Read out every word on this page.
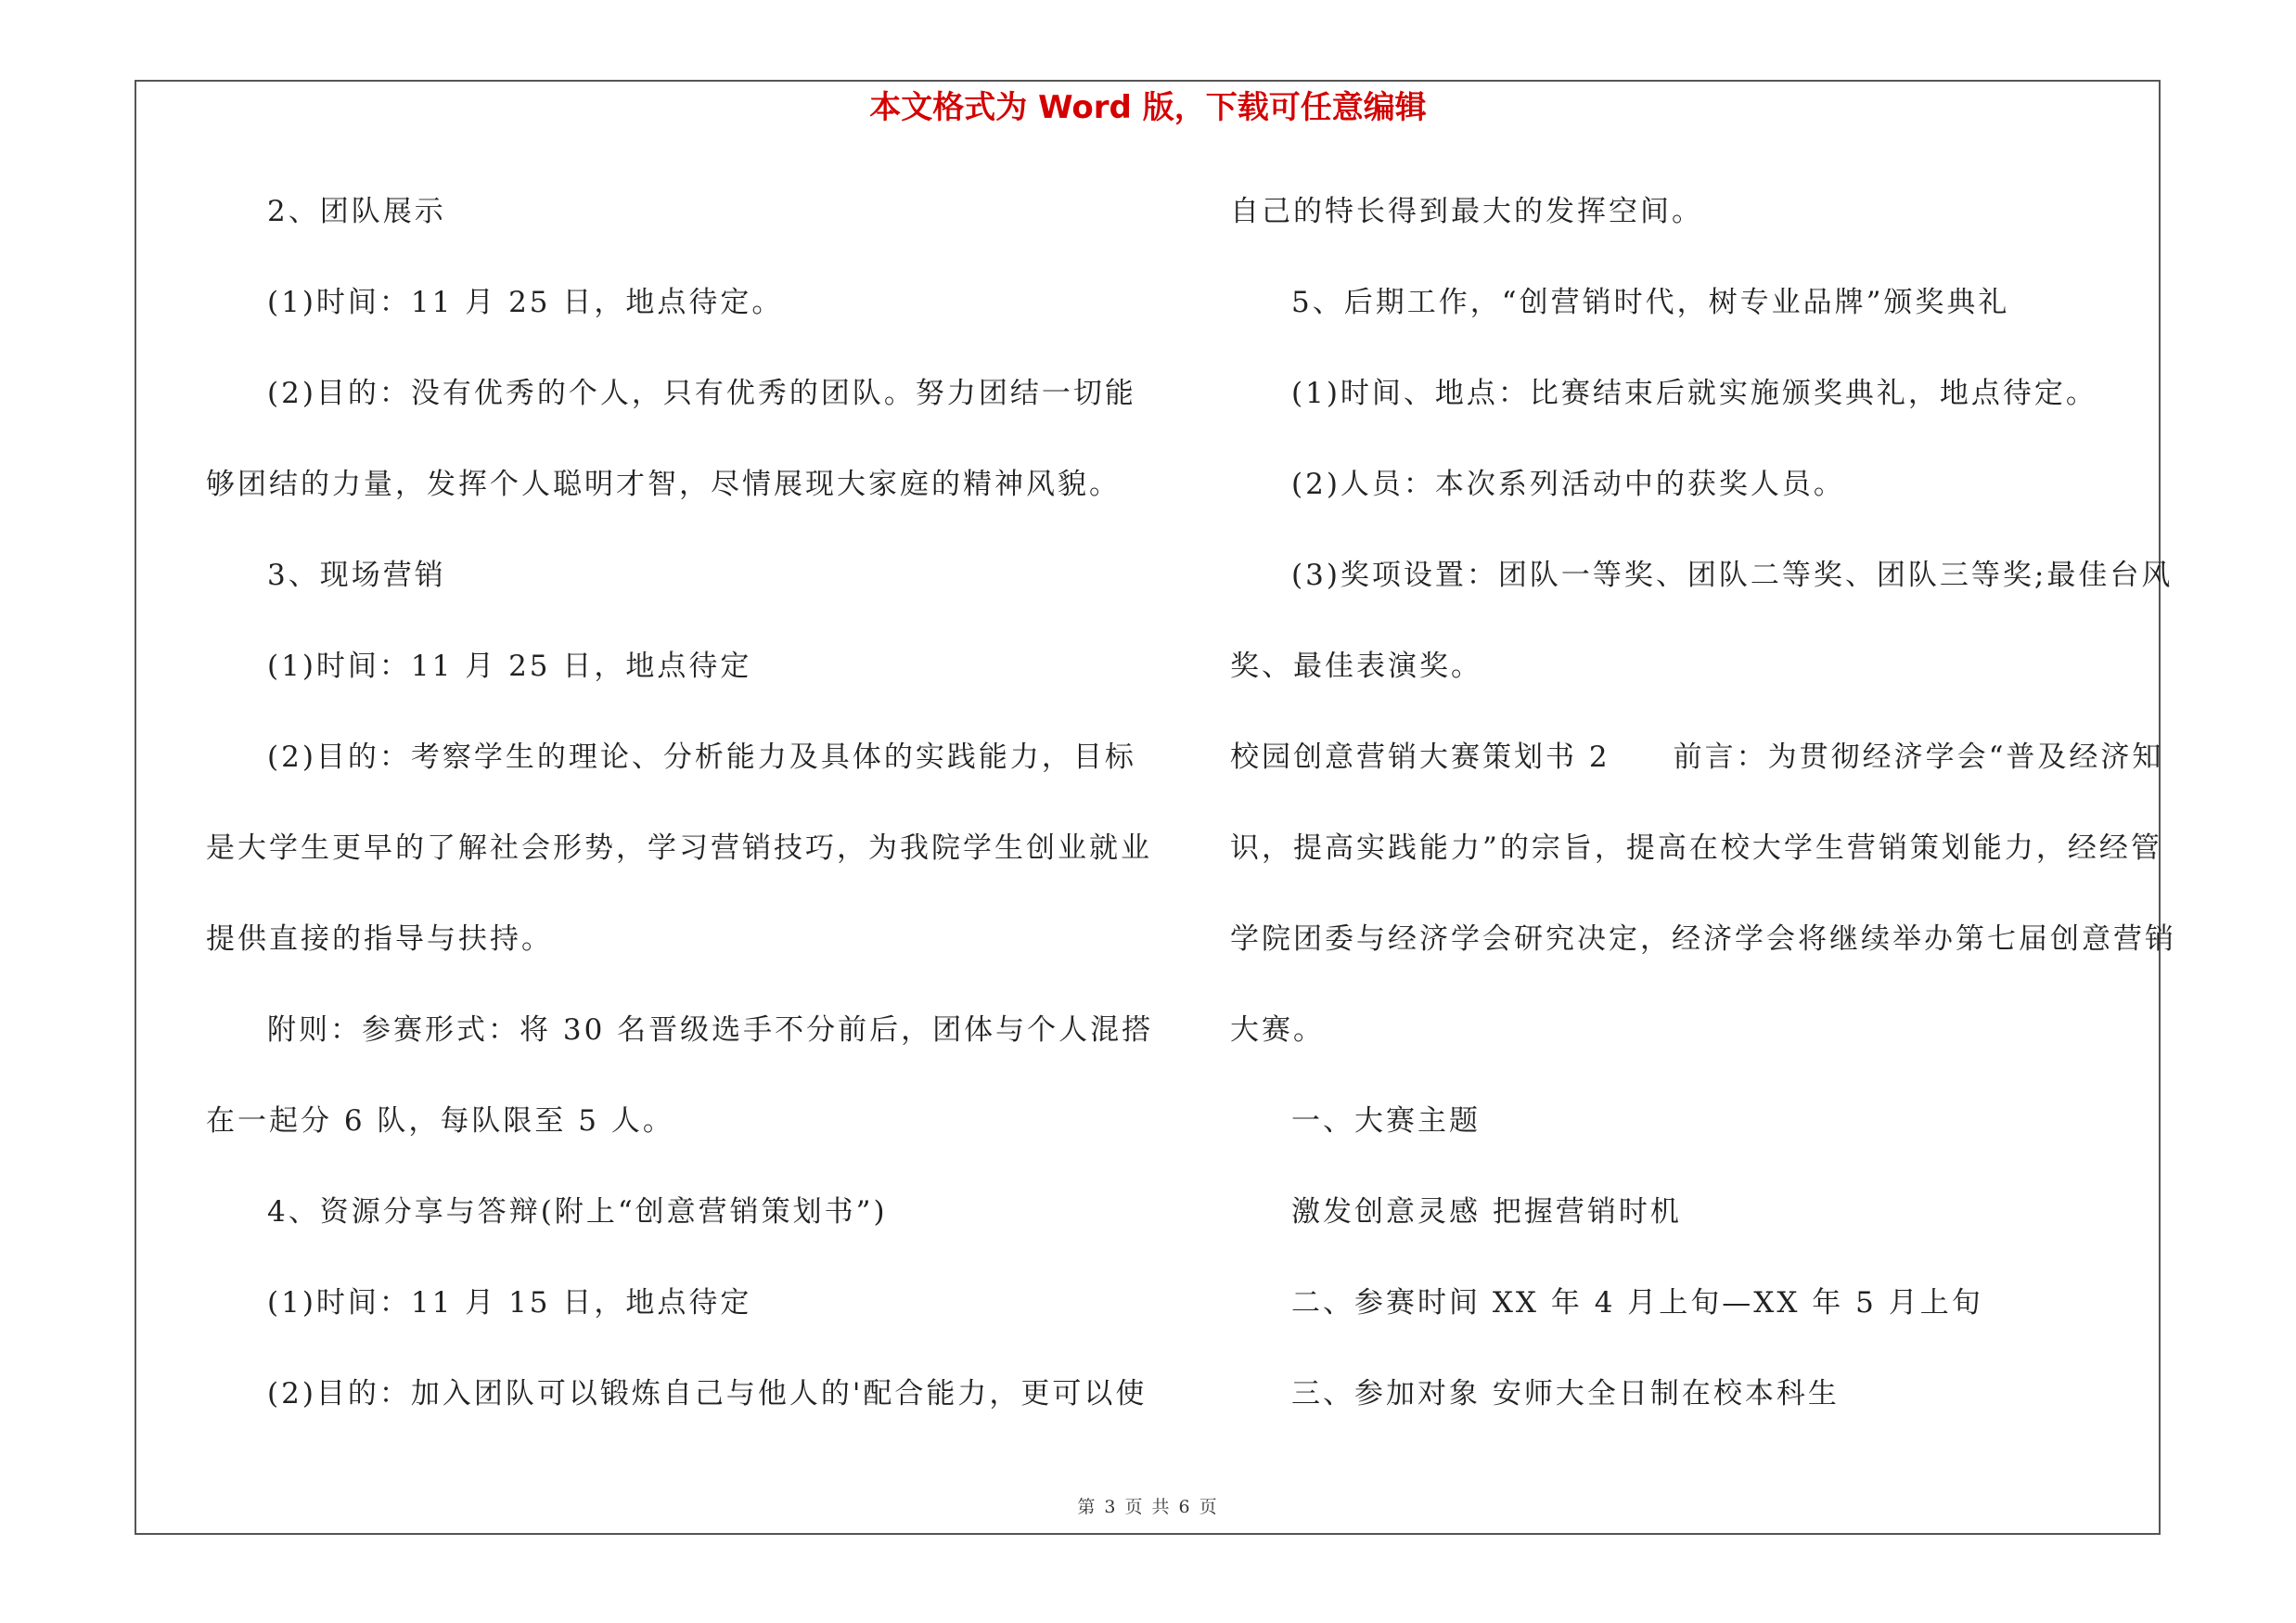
本文格式为 Word 版，下载可任意编辑
2、团队展示
(1)时间：11 月 25 日，地点待定。
(2)目的：没有优秀的个人，只有优秀的团队。努力团结一切能
够团结的力量，发挥个人聪明才智，尽情展现大家庭的精神风貌。
3、现场营销
(1)时间：11 月 25 日，地点待定
(2)目的：考察学生的理论、分析能力及具体的实践能力，目标
是大学生更早的了解社会形势，学习营销技巧，为我院学生创业就业
提供直接的指导与扶持。
附则：参赛形式：将 30 名晋级选手不分前后，团体与个人混搭
在一起分 6 队，每队限至 5 人。
4、资源分享与答辩(附上“创意营销策划书”)
(1)时间：11 月 15 日，地点待定
(2)目的：加入团队可以锻炼自己与他人的'配合能力，更可以使
自己的特长得到最大的发挥空间。
5、后期工作，“创营销时代，树专业品牌”颁奖典礼
(1)时间、地点：比赛结束后就实施颁奖典礼，地点待定。
(2)人员：本次系列活动中的获奖人员。
(3)奖项设置：团队一等奖、团队二等奖、团队三等奖;最佳台风
奖、最佳表演奖。
校园创意营销大赛策划书 2　　前言：为贯彻经济学会“普及经济知
识，提高实践能力”的宗旨，提高在校大学生营销策划能力，经经管
学院团委与经济学会研究决定，经济学会将继续举办第七届创意营销
大赛。
一、大赛主题
激发创意灵感 把握营销时机
二、参赛时间 XX 年 4 月上旬—XX 年 5 月上旬
三、参加对象 安师大全日制在校本科生
第 3 页 共 6 页
